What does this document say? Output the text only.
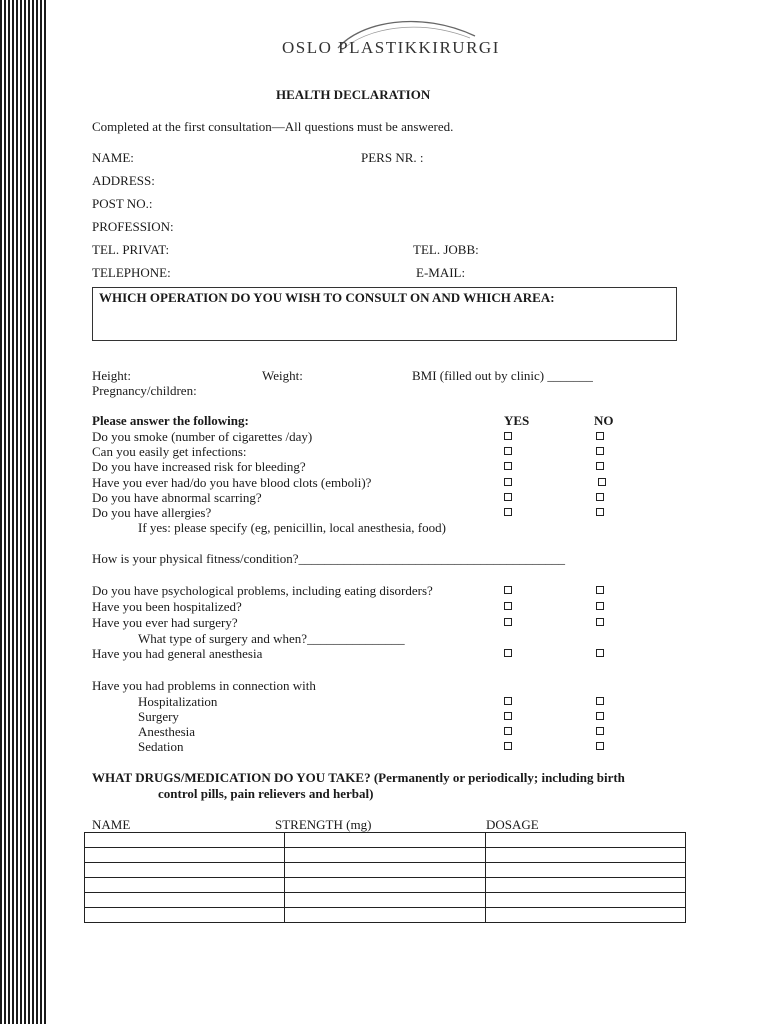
OSLO PLASTIKKIRURGI
HEALTH DECLARATION
Completed at the first consultation—All questions must be answered.
NAME:	PERS NR. :
ADDRESS:
POST NO.:
PROFESSION:
TEL. PRIVAT:	TEL. JOBB:
TELEPHONE:	E-MAIL:
WHICH OPERATION DO YOU WISH TO CONSULT ON AND WHICH AREA:
Height:	Weight:	BMI (filled out by clinic) _______
Pregnancy/children:
Please answer the following:	YES	NO
Do you smoke (number of cigarettes /day)
Can you easily get infections:
Do you have increased risk for bleeding?
Have you ever had/do you have blood clots (emboli)?
Do you have abnormal scarring?
Do you have allergies?
If yes: please specify (eg, penicillin, local anesthesia, food)
How is your physical fitness/condition?_________________________________________
Do you have psychological problems, including eating disorders?
Have you been hospitalized?
Have you ever had surgery?
What type of surgery and when?_______________
Have you had general anesthesia
Have you had problems in connection with
Hospitalization
Surgery
Anesthesia
Sedation
WHAT DRUGS/MEDICATION DO YOU TAKE? (Permanently or periodically; including birth
control pills, pain relievers and herbal)
NAME	STRENGTH (mg)	DOSAGE
